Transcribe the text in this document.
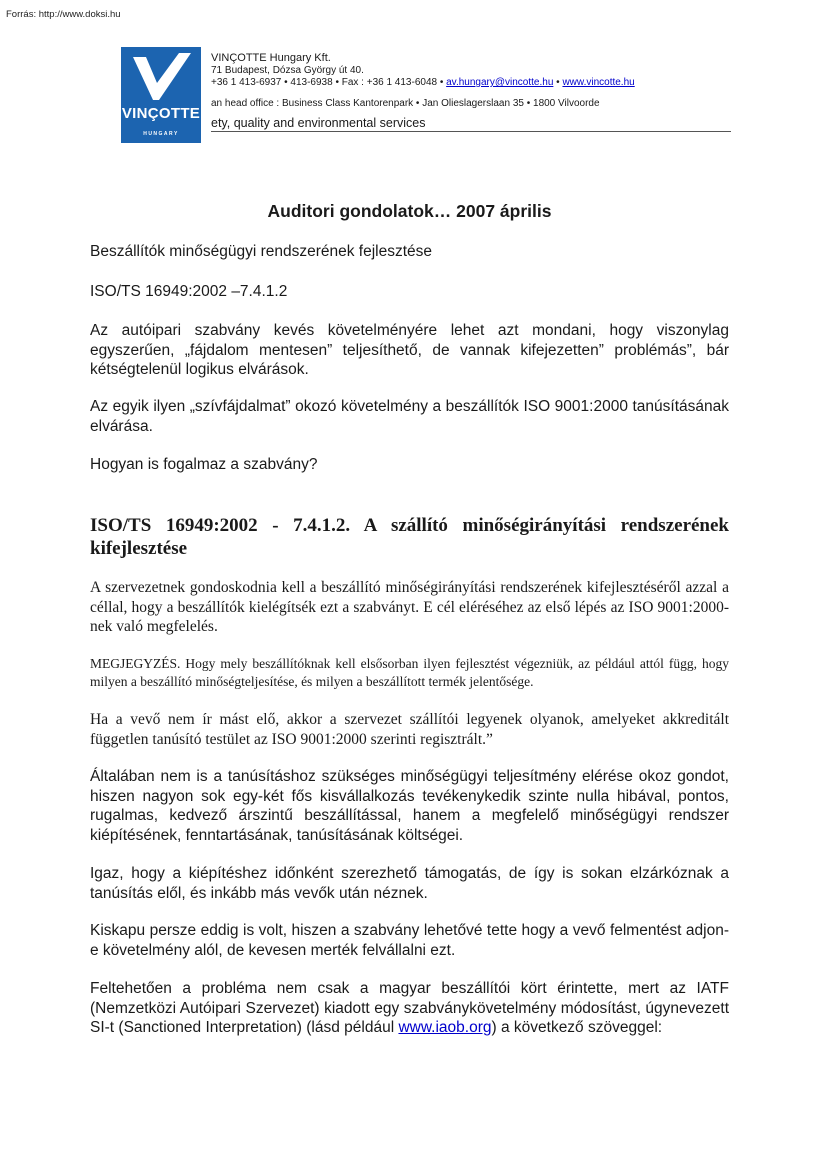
Forrás: http://www.doksi.hu
VINÇOTTE
HUNGARY
VINÇOTTE Hungary Kft.
71 Budapest, Dózsa György út 40.
+36 1 413-6937 • 413-6938 • Fax : +36 1 413-6048 • av.hungary@vincotte.hu • www.vincotte.hu
an head office : Business Class Kantorenpark • Jan Olieslagerslaan 35 • 1800 Vilvoorde
ety, quality and environmental services
Auditori gondolatok… 2007 április

Beszállítók minőségügyi rendszerének fejlesztése

ISO/TS 16949:2002 –7.4.1.2

Az autóipari szabvány kevés követelményére lehet azt mondani, hogy viszonylag egyszerűen, „fájdalom mentesen” teljesíthető, de vannak kifejezetten” problémás”, bár kétségtelenül logikus elvárások.

Az egyik ilyen „szívfájdalmat” okozó követelmény a beszállítók ISO 9001:2000 tanúsításának elvárása.

Hogyan is fogalmaz a szabvány?

ISO/TS 16949:2002 - 7.4.1.2. A szállító minőségirányítási rendszerének
kifejlesztése

A szervezetnek gondoskodnia kell a beszállító minőségirányítási rendszerének kifejlesztéséről azzal a céllal, hogy a beszállítók kielégítsék ezt a szabványt. E cél eléréséhez az első lépés az ISO 9001:2000-nek való megfelelés.

MEGJEGYZÉS. Hogy mely beszállítóknak kell elsősorban ilyen fejlesztést végezniük, az például attól függ, hogy milyen a beszállító minőségteljesítése, és milyen a beszállított termék jelentősége.

Ha a vevő nem ír mást elő, akkor a szervezet szállítói legyenek olyanok, amelyeket akkreditált független tanúsító testület az ISO 9001:2000 szerinti regisztrált.”

Általában nem is a tanúsításhoz szükséges minőségügyi teljesítmény elérése okoz gondot, hiszen nagyon sok egy-két fős kisvállalkozás tevékenykedik szinte nulla hibával, pontos, rugalmas, kedvező árszintű beszállítással, hanem a megfelelő minőségügyi rendszer kiépítésének, fenntartásának, tanúsításának költségei.

Igaz, hogy a kiépítéshez időnként szerezhető támogatás, de így is sokan elzárkóznak a tanúsítás elől, és inkább más vevők után néznek.

Kiskapu persze eddig is volt, hiszen a szabvány lehetővé tette hogy a vevő felmentést adjon-e követelmény alól, de kevesen merték felvállalni ezt.

Feltehetően a probléma nem csak a magyar beszállítói kört érintette, mert az IATF (Nemzetközi Autóipari Szervezet) kiadott egy szabványkövetelmény módosítást, úgynevezett SI-t (Sanctioned Interpretation) (lásd például www.iaob.org) a következő szöveggel:
